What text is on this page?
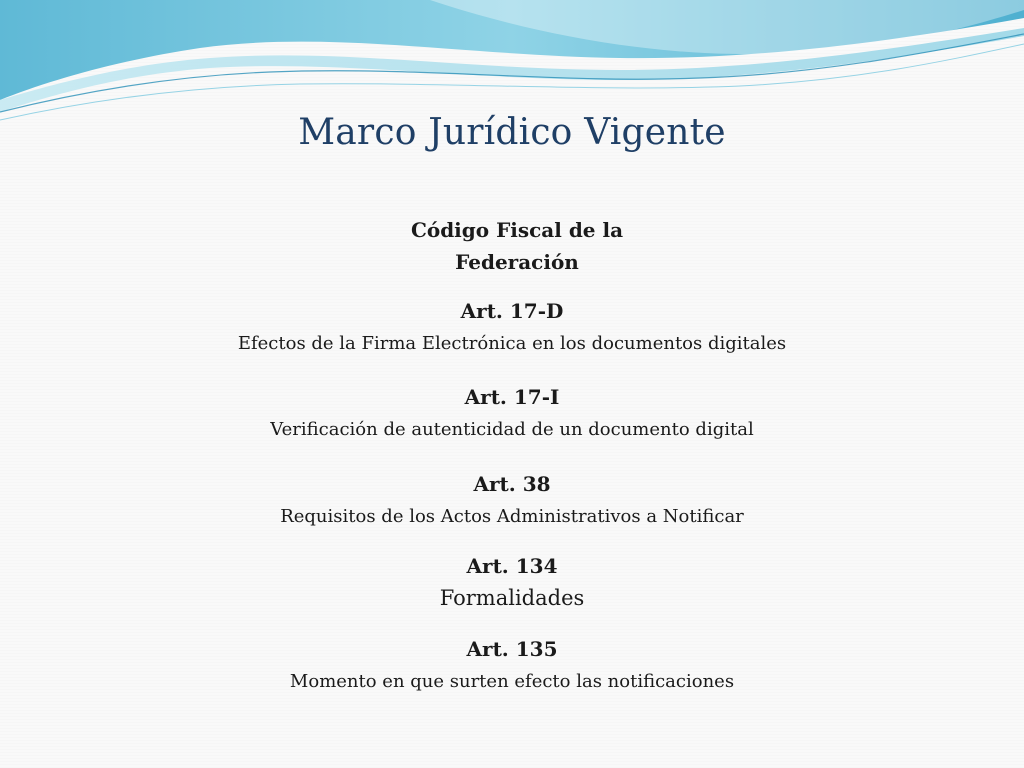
Marco Jurídico Vigente
Código Fiscal de la Federación
Art. 17-D
Efectos de la Firma Electrónica en los documentos digitales
Art. 17-I
Verificación de autenticidad de un documento digital
Art. 38
Requisitos de los Actos Administrativos a Notificar
Art. 134
Formalidades
Art. 135
Momento en que surten efecto las notificaciones
